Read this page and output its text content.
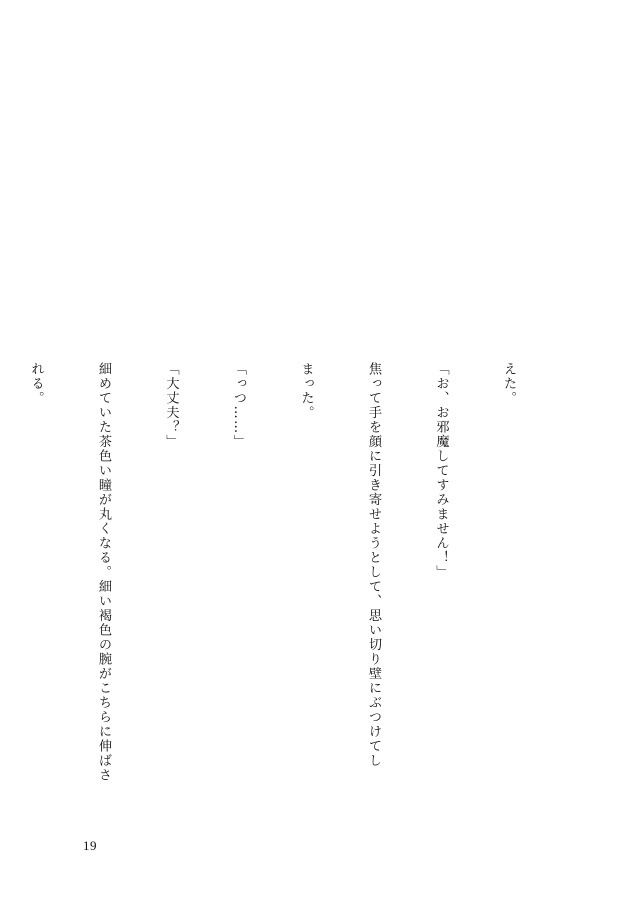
えた。

「お、お邪魔してすみません！」

焦って手を顔に引き寄せようとして、思い切り壁にぶつけてし

まった。

「っつ……」

「大丈夫？」

細めていた茶色い瞳が丸くなる。細い褐色の腕がこちらに伸ばさ

れる。

19
